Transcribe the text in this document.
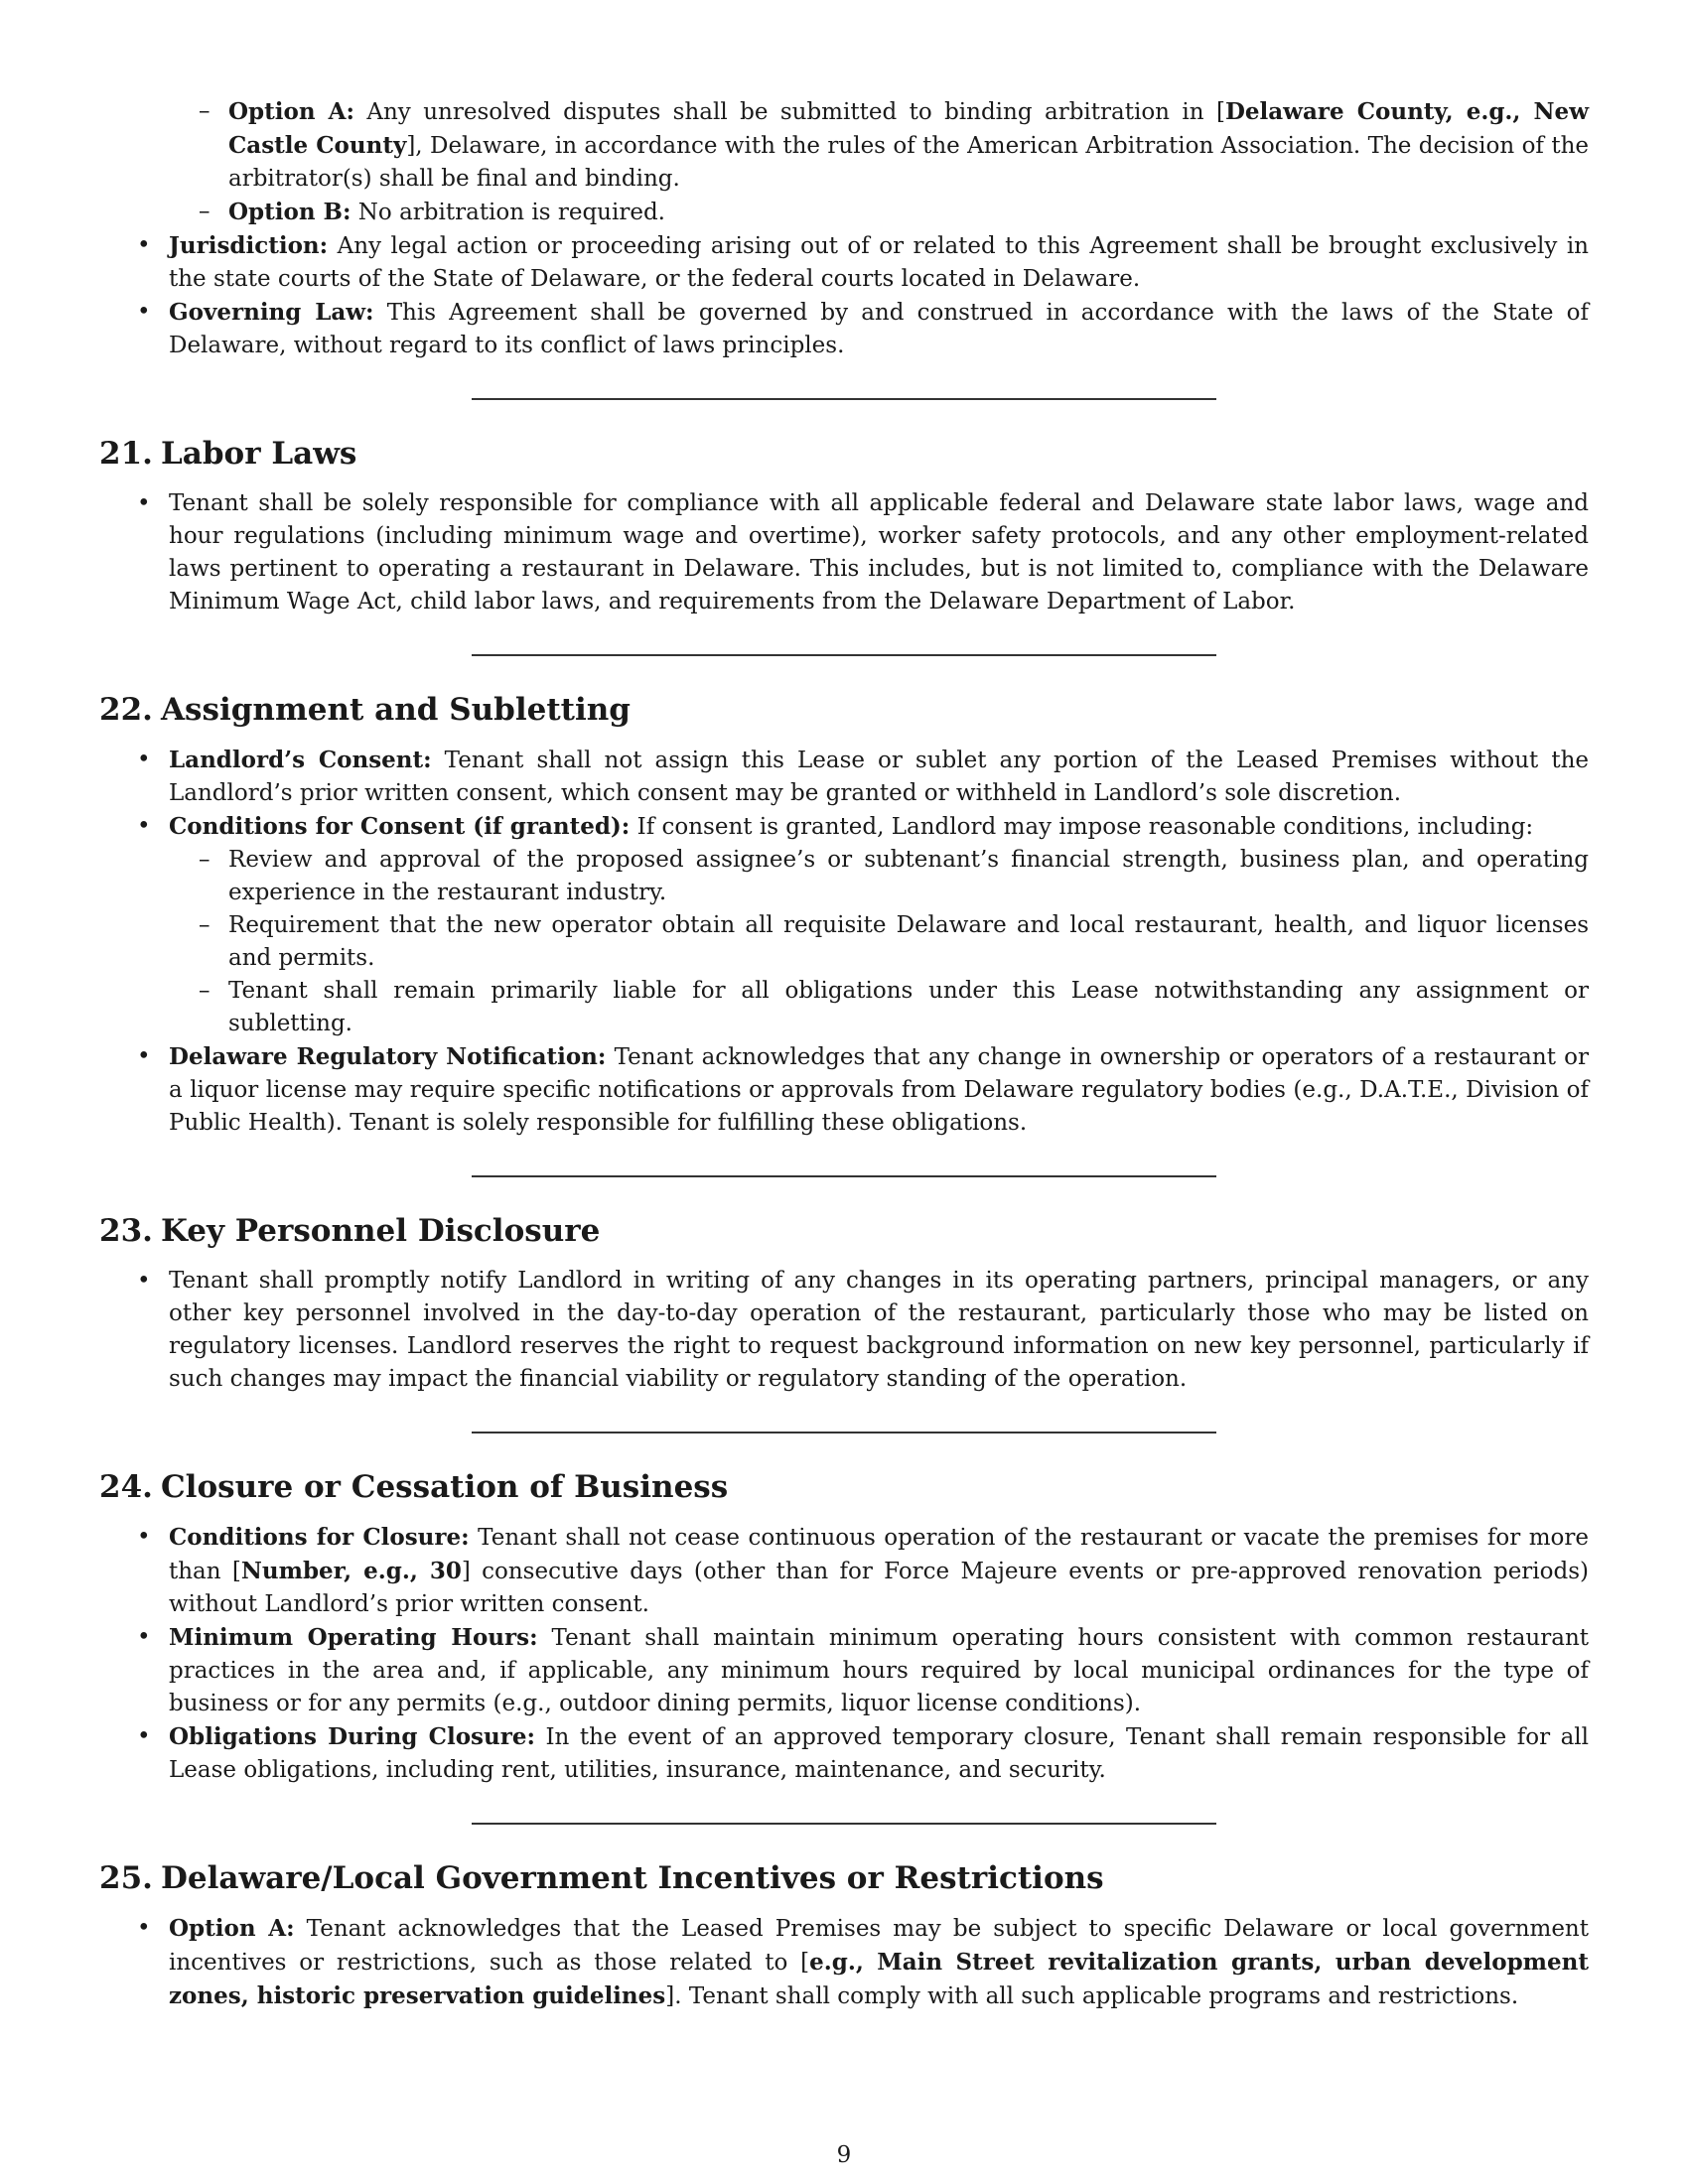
– Option A: Any unresolved disputes shall be submitted to binding arbitration in [Delaware County, e.g., New Castle County], Delaware, in accordance with the rules of the American Arbitration Association. The decision of the arbitrator(s) shall be final and binding.
– Option B: No arbitration is required.
• Jurisdiction: Any legal action or proceeding arising out of or related to this Agreement shall be brought exclusively in the state courts of the State of Delaware, or the federal courts located in Delaware.
• Governing Law: This Agreement shall be governed by and construed in accordance with the laws of the State of Delaware, without regard to its conflict of laws principles.
21. Labor Laws
• Tenant shall be solely responsible for compliance with all applicable federal and Delaware state labor laws, wage and hour regulations (including minimum wage and overtime), worker safety protocols, and any other employment-related laws pertinent to operating a restaurant in Delaware. This includes, but is not limited to, compliance with the Delaware Minimum Wage Act, child labor laws, and requirements from the Delaware Department of Labor.
22. Assignment and Subletting
• Landlord’s Consent: Tenant shall not assign this Lease or sublet any portion of the Leased Premises without the Landlord’s prior written consent, which consent may be granted or withheld in Landlord’s sole discretion.
• Conditions for Consent (if granted): If consent is granted, Landlord may impose reasonable conditions, including:
– Review and approval of the proposed assignee’s or subtenant’s financial strength, business plan, and operating experience in the restaurant industry.
– Requirement that the new operator obtain all requisite Delaware and local restaurant, health, and liquor licenses and permits.
– Tenant shall remain primarily liable for all obligations under this Lease notwithstanding any assignment or subletting.
• Delaware Regulatory Notification: Tenant acknowledges that any change in ownership or operators of a restaurant or a liquor license may require specific notifications or approvals from Delaware regulatory bodies (e.g., D.A.T.E., Division of Public Health). Tenant is solely responsible for fulfilling these obligations.
23. Key Personnel Disclosure
• Tenant shall promptly notify Landlord in writing of any changes in its operating partners, principal managers, or any other key personnel involved in the day-to-day operation of the restaurant, particularly those who may be listed on regulatory licenses. Landlord reserves the right to request background information on new key personnel, particularly if such changes may impact the financial viability or regulatory standing of the operation.
24. Closure or Cessation of Business
• Conditions for Closure: Tenant shall not cease continuous operation of the restaurant or vacate the premises for more than [Number, e.g., 30] consecutive days (other than for Force Majeure events or pre-approved renovation periods) without Landlord’s prior written consent.
• Minimum Operating Hours: Tenant shall maintain minimum operating hours consistent with common restaurant practices in the area and, if applicable, any minimum hours required by local municipal ordinances for the type of business or for any permits (e.g., outdoor dining permits, liquor license conditions).
• Obligations During Closure: In the event of an approved temporary closure, Tenant shall remain responsible for all Lease obligations, including rent, utilities, insurance, maintenance, and security.
25. Delaware/Local Government Incentives or Restrictions
• Option A: Tenant acknowledges that the Leased Premises may be subject to specific Delaware or local government incentives or restrictions, such as those related to [e.g., Main Street revitalization grants, urban development zones, historic preservation guidelines]. Tenant shall comply with all such applicable programs and restrictions.
9
